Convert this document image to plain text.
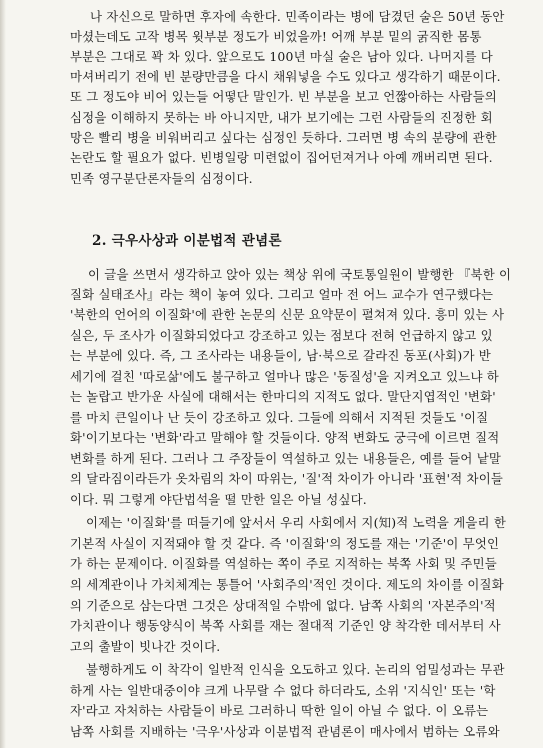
나 자신으로 말하면 후자에 속한다. 민족이라는 병에 담겼던 술은 50년 동안
마셨는데도 고작 병목 윗부분 정도가 비었을까! 어깨 부분 밑의 굵직한 몸통
부분은 그대로 꽉 차 있다. 앞으로도 100년 마실 술은 남아 있다. 나머지를 다
마셔버리기 전에 빈 분량만큼을 다시 채워넣을 수도 있다고 생각하기 때문이다.
또 그 정도야 비어 있는들 어떻단 말인가. 빈 부분을 보고 언짢아하는 사람들의
심정을 이해하지 못하는 바 아니지만, 내가 보기에는 그런 사람들의 진정한 회
망은 빨리 병을 비워버리고 싶다는 심정인 듯하다. 그러면 병 속의 분량에 관한
논란도 할 필요가 없다. 빈병일랑 미련없이 집어던져거나 아예 깨버리면 된다.
민족 영구분단론자들의 심정이다.
2. 극우사상과 이분법적 관념론
이 글을 쓰면서 생각하고 앉아 있는 책상 위에 국토통일원이 발행한 『북한 이
질화 실태조사』라는 책이 놓여 있다. 그리고 얼마 전 어느 교수가 연구했다는
'북한의 언어의 이질화'에 관한 논문의 신문 요약문이 펼쳐져 있다. 흥미 있는 사
실은, 두 조사가 이질화되었다고 강조하고 있는 점보다 전혀 언급하지 않고 있
는 부분에 있다. 즉, 그 조사라는 내용들이, 남·북으로 갈라진 동포(사회)가 반
세기에 걸친 '따로삶'에도 불구하고 얼마나 많은 '동질성'을 지켜오고 있느냐 하
는 놀랍고 반가운 사실에 대해서는 한마디의 지적도 없다. 말단지엽적인 '변화'
를 마치 큰일이나 난 듯이 강조하고 있다. 그들에 의해서 지적된 것들도 '이질
화'이기보다는 '변화'라고 말해야 할 것들이다. 양적 변화도 궁극에 이르면 질적
변화를 하게 된다. 그러나 그 주장들이 역설하고 있는 내용들은, 예를 들어 낱말
의 달라짐이라든가 옷차림의 차이 따위는, '질'적 차이가 아니라 '표현'적 차이들
이다. 뭐 그렇게 야단법석을 떨 만한 일은 아닐 성싶다.
이제는 '이질화'를 떠들기에 앞서서 우리 사회에서 지(知)적 노력을 게을리 한
기본적 사실이 지적돼야 할 것 같다. 즉 '이질화'의 정도를 재는 '기준'이 무엇인
가 하는 문제이다. 이질화를 역설하는 쪽이 주로 지적하는 북쪽 사회 및 주민들
의 세계관이나 가치체계는 통틀어 '사회주의'적인 것이다. 제도의 차이를 이질화
의 기준으로 삼는다면 그것은 상대적일 수밖에 없다. 남쪽 사회의 '자본주의'적
가치관이나 행동양식이 북쪽 사회를 재는 절대적 기준인 양 착각한 데서부터 사
고의 출발이 빗나간 것이다.
불행하게도 이 착각이 일반적 인식을 오도하고 있다. 논리의 엄밀성과는 무관
하게 사는 일반대중이야 크게 나무랄 수 없다 하더라도, 소위 '지식인' 또는 '학
자'라고 자처하는 사람들이 바로 그러하니 딱한 일이 아닐 수 없다. 이 오류는
남쪽 사회를 지배하는 '극우'사상과 이분법적 관념론이 매사에서 범하는 오류와
